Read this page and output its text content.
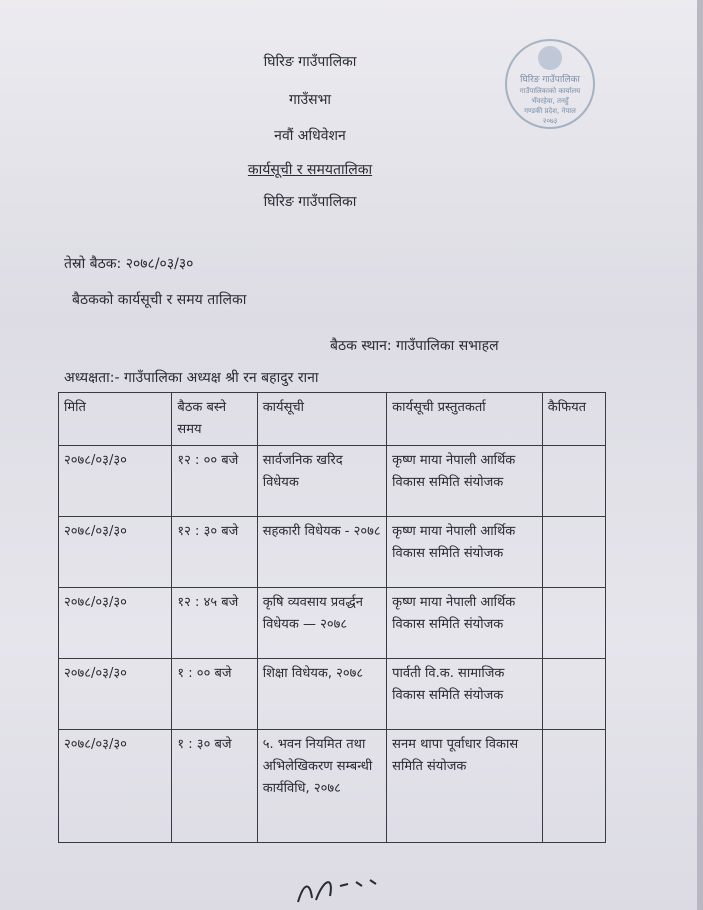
घिरिङ गाउँपालिका
गाउँसभा
नवौं अधिवेशन
कार्यसूची र समयतालिका
घिरिङ गाउँपालिका
घिरिङ गाउँपालिका
गाउँपालिकाको कार्यालय
भँवरहेवा, तनहुँ
गण्डकी प्रदेश, नेपाल
२०७३
तेस्रो बैठक: २०७८/०३/३०
बैठकको कार्यसूची र समय तालिका
बैठक स्थान: गाउँपालिका सभाहल
अध्यक्षता:- गाउँपालिका अध्यक्ष श्री रन बहादुर राना
मिति	बैठक बस्ने समय	कार्यसूची	कार्यसूची प्रस्तुतकर्ता	कैफियत
२०७८/०३/३०	१२ : ०० बजे	सार्वजनिक खरिद विधेयक	कृष्ण माया नेपाली आर्थिक विकास समिति संयोजक	
२०७८/०३/३०	१२ : ३० बजे	सहकारी विधेयक - २०७८	कृष्ण माया नेपाली आर्थिक विकास समिति संयोजक	
२०७८/०३/३०	१२ : ४५ बजे	कृषि व्यवसाय प्रवर्द्धन विधेयक — २०७८	कृष्ण माया नेपाली आर्थिक विकास समिति संयोजक	
२०७८/०३/३०	१ : ०० बजे	शिक्षा विधेयक, २०७८	पार्वती वि.क. सामाजिक विकास समिति संयोजक	
२०७८/०३/३०	१ : ३० बजे	५. भवन नियमित तथा अभिलेखिकरण सम्बन्धी कार्यविधि, २०७८	सनम थापा पूर्वाधार विकास समिति संयोजक	
